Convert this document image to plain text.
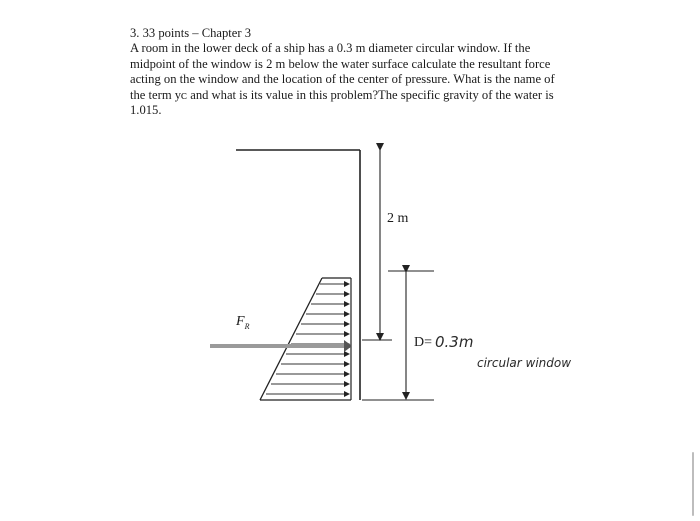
3. 33 points – Chapter 3
A room in the lower deck of a ship has a 0.3 m diameter circular window. If the
midpoint of the window is 2 m below the water surface calculate the resultant force
acting on the window and the location of the center of pressure. What is the name of
the term yᴄ and what is its value in this problem?The specific gravity of the water is
1.015.
2 m
$F_R$
D= 0.3m
circular window
